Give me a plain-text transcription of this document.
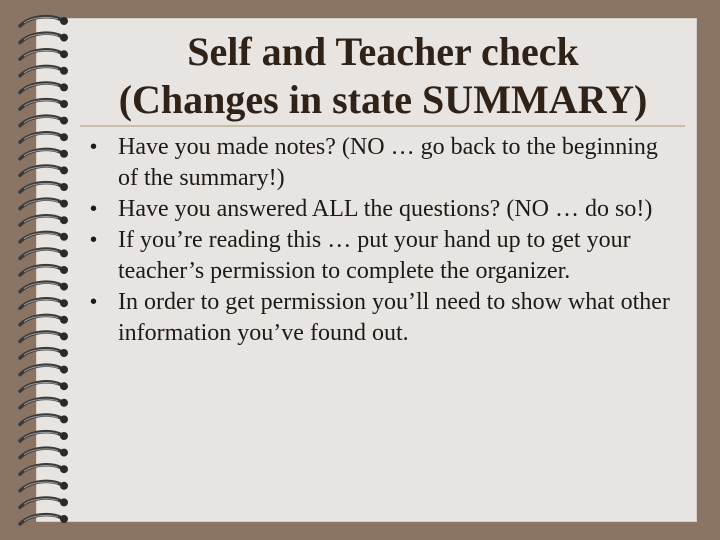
Self and Teacher check
(Changes in state SUMMARY)
• Have you made notes? (NO … go back to the beginning of the summary!)
• Have you answered ALL the questions? (NO … do so!)
• If you’re reading this … put your hand up to get your teacher’s permission to complete the organizer.
• In order to get permission you’ll need to show what other information you’ve found out.
